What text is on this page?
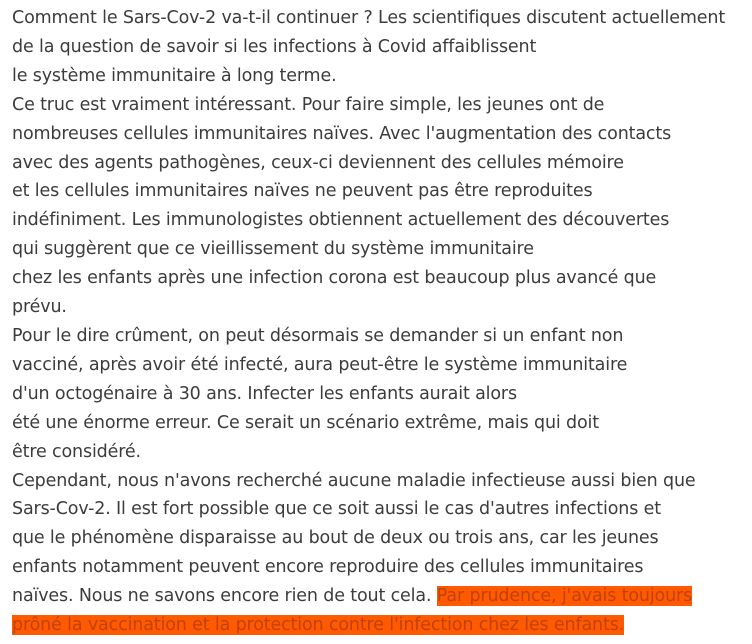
Comment le Sars-Cov-2 va-t-il continuer ? Les scientifiques discutent actuellement
de la question de savoir si les infections à Covid affaiblissent
le système immunitaire à long terme.
Ce truc est vraiment intéressant. Pour faire simple, les jeunes ont de
nombreuses cellules immunitaires naïves. Avec l'augmentation des contacts
avec des agents pathogènes, ceux-ci deviennent des cellules mémoire
et les cellules immunitaires naïves ne peuvent pas être reproduites
indéfiniment. Les immunologistes obtiennent actuellement des découvertes
qui suggèrent que ce vieillissement du système immunitaire
chez les enfants après une infection corona est beaucoup plus avancé que
prévu.
Pour le dire crûment, on peut désormais se demander si un enfant non
vacciné, après avoir été infecté, aura peut-être le système immunitaire
d'un octogénaire à 30 ans. Infecter les enfants aurait alors
été une énorme erreur. Ce serait un scénario extrême, mais qui doit
être considéré.
Cependant, nous n'avons recherché aucune maladie infectieuse aussi bien que
Sars-Cov-2. Il est fort possible que ce soit aussi le cas d'autres infections et
que le phénomène disparaisse au bout de deux ou trois ans, car les jeunes
enfants notamment peuvent encore reproduire des cellules immunitaires
naïves. Nous ne savons encore rien de tout cela. Par prudence, j'avais toujours
prôné la vaccination et la protection contre l'infection chez les enfants.
